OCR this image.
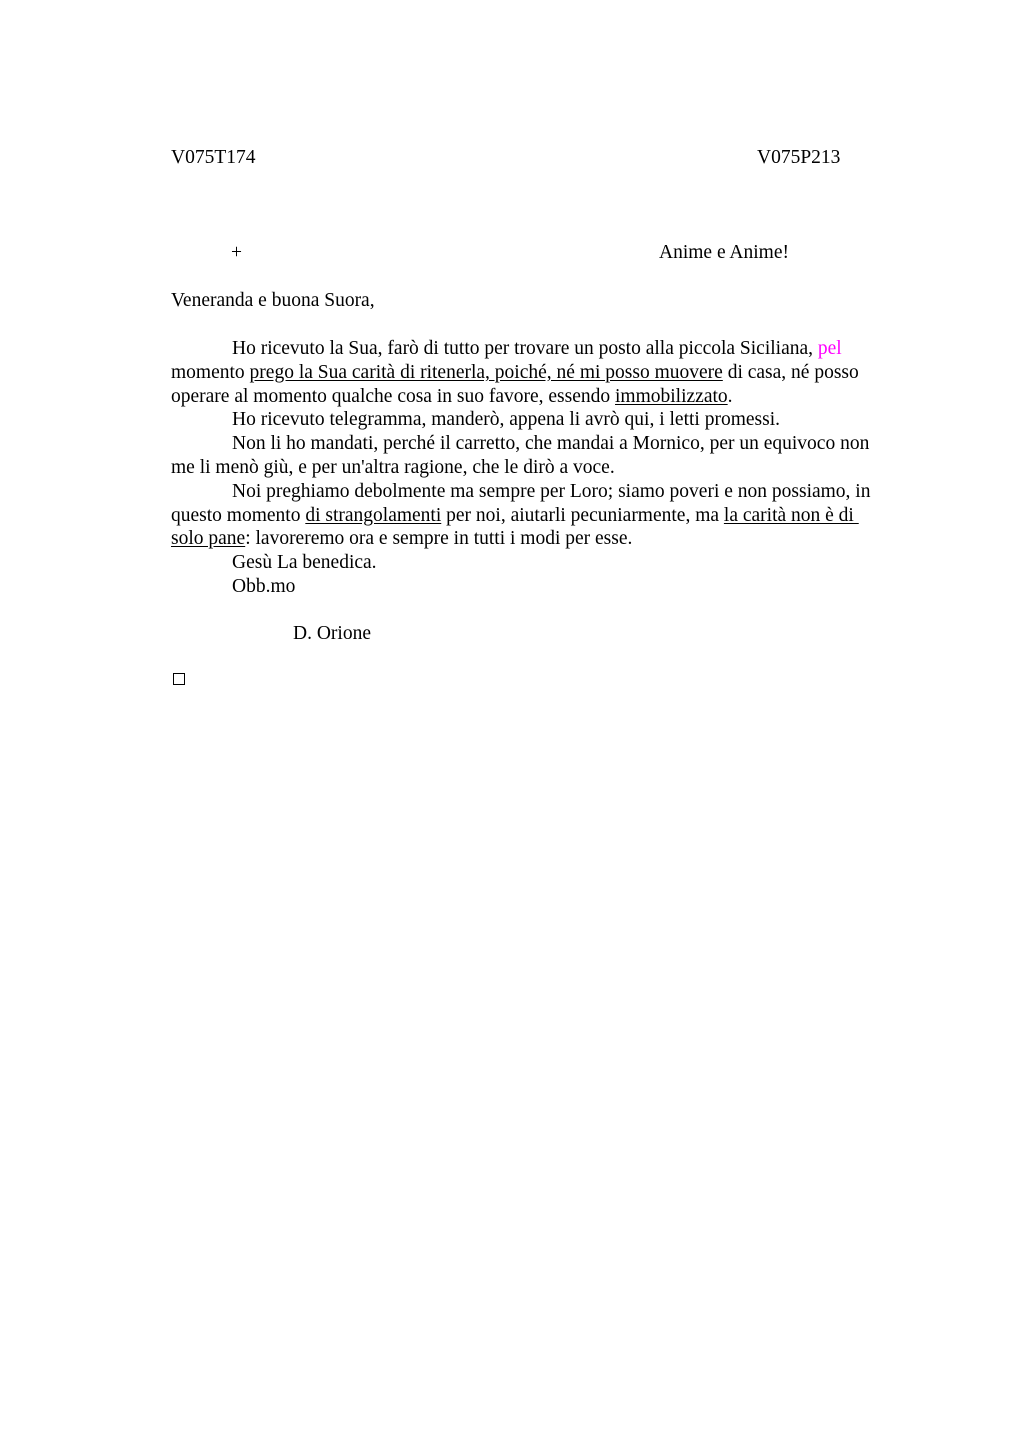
V075T174	V075P213
+	Anime e Anime!
Veneranda e buona Suora,
Ho ricevuto la Sua, farò di tutto per trovare un posto alla piccola Siciliana, pel
momento prego la Sua carità di ritenerla, poiché, né mi posso muovere di casa, né posso
operare al momento qualche cosa in suo favore, essendo immobilizzato.
Ho ricevuto telegramma, manderò, appena li avrò qui, i letti promessi.
Non li ho mandati, perché il carretto, che mandai a Mornico, per un equivoco non
me li menò giù, e per un'altra ragione, che le dirò a voce.
Noi preghiamo debolmente ma sempre per Loro; siamo poveri e non possiamo, in
questo momento di strangolamenti per noi, aiutarli pecuniarmente, ma la carità non è di
solo pane: lavoreremo ora e sempre in tutti i modi per esse.
Gesù La benedica.
Obb.mo
D. Orione
